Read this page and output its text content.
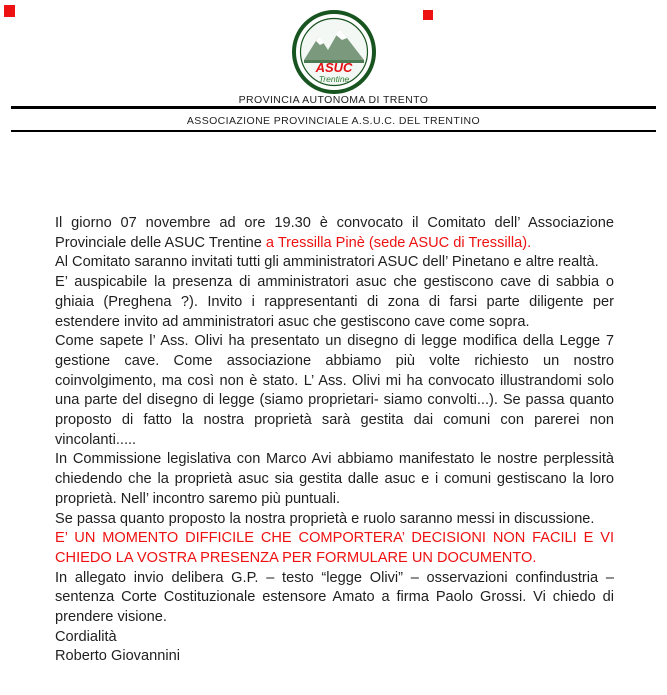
ASUC
Trentine
PROVINCIA AUTONOMA DI TRENTO
ASSOCIAZIONE PROVINCIALE A.S.U.C. DEL TRENTINO

Il giorno 07 novembre ad ore 19.30 è convocato il Comitato dell’ Associazione Provinciale delle ASUC Trentine a Tressilla Pinè (sede ASUC di Tressilla).

Al Comitato saranno invitati tutti gli amministratori ASUC dell’ Pinetano e altre realtà.

E’ auspicabile la presenza di amministratori asuc che gestiscono cave di sabbia o ghiaia (Preghena ?). Invito i rappresentanti di zona di farsi parte diligente per estendere invito ad amministratori asuc che gestiscono cave come sopra.

Come sapete l’ Ass. Olivi ha presentato un disegno di legge modifica della Legge 7 gestione cave. Come associazione abbiamo più volte richiesto un nostro coinvolgimento, ma così non è stato. L’ Ass. Olivi mi ha convocato illustrandomi solo una parte del disegno di legge (siamo proprietari- siamo convolti...). Se passa quanto proposto di fatto la nostra proprietà sarà gestita dai comuni con parerei non vincolanti.....

In Commissione legislativa con Marco Avi abbiamo manifestato le nostre perplessità chiedendo che la proprietà asuc sia gestita dalle asuc e i comuni gestiscano la loro proprietà. Nell’ incontro saremo più puntuali.

Se passa quanto proposto la nostra proprietà e ruolo saranno messi in discussione.

E’ UN MOMENTO DIFFICILE CHE COMPORTERA’ DECISIONI NON FACILI E VI CHIEDO LA VOSTRA PRESENZA PER FORMULARE UN DOCUMENTO.

In allegato invio delibera G.P. – testo “legge Olivi” – osservazioni confindustria – sentenza Corte Costituzionale estensore Amato a firma Paolo Grossi. Vi chiedo di prendere visione.

Cordialità

Roberto Giovannini
